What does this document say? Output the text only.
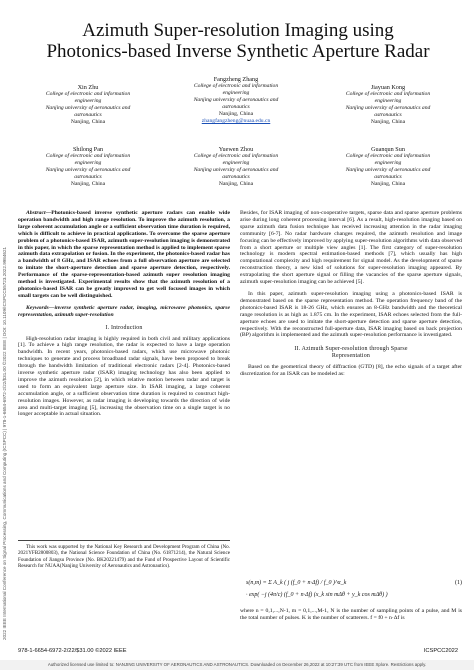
2022 IEEE International Conference on Signal Processing, Communications and Computing (ICSPCC) | 978-1-6654-6972-2/22/$31.00 ©2022 IEEE | DOI: 10.1109/ICSPCC55723.2022.9984621
Azimuth Super-resolution Imaging using
Photonics-based Inverse Synthetic Aperture Radar
Xin Zhu
College of electronic and information
engineering
Nanjing university of aeronautics and
astronautics
Nanjing, China
Fangzheng Zhang
College of electronic and information
engineering
Nanjing university of aeronautics and
astronautics
Nanjing, China
zhangfangzheng@nuaa.edu.cn
Jiayuan Kong
College of electronic and information
engineering
Nanjing university of aeronautics and
astronautics
Nanjing, China
Shilong Pan
College of electronic and information
engineering
Nanjing university of aeronautics and
astronautics
Nanjing, China
Yuewen Zhou
College of electronic and information
engineering
Nanjing university of aeronautics and
astronautics
Nanjing, China
Guanqun Sun
College of electronic and information
engineering
Nanjing university of aeronautics and
astronautics
Nanjing, China

Abstract—Photonics-based inverse synthetic aperture radars can enable wide operation bandwidth and high range resolution. To improve the azimuth resolution, a large coherent accumulation angle or a sufficient observation time duration is required, which is difficult to achieve in practical applications. To overcome the sparse aperture problem of a photonics-based ISAR, azimuth super-resolution imaging is demonstrated in this paper, in which the sparse representation method is applied to implement sparse azimuth data extrapolation or fusion. In the experiment, the photonics-based radar has a bandwidth of 8 GHz, and ISAR echoes from a full observation aperture are selected to imitate the short-aperture detection and sparse aperture detection, respectively. Performance of the sparse-representation-based azimuth super resolution imaging method is investigated. Experimental results show that the azimuth resolution of a photonics-based ISAR can be greatly improved to get well focused images in which small targets can be well distinguished.

Keywords—inverse synthetic aperture radar, imaging, microwave photonics, sparse representation, azimuth super-resolution

I. Introduction

High-resolution radar imaging is highly required in both civil and military applications [1]. To achieve a high range resolution, the radar is expected to have a large operation bandwidth. In recent years, photonics-based radars, which use microwave photonic techniques to generate and process broadband radar signals, have been proposed to break through the bandwidth limitation of traditional electronic radars [2-4]. Photonics-based inverse synthetic aperture radar (ISAR) imaging technology has also been applied to improve the azimuth resolution [2], in which relative motion between radar and target is used to form an equivalent large aperture size. In ISAR imaging, a large coherent accumulation angle, or a sufficient observation time duration is required to construct high-resolution images. However, as radar imaging is developing towards the direction of wide area and multi-target imaging [5], increasing the observation time on a single target is no longer acceptable in actual situation.

This work was supported by the National Key Research and Development Program of China (No. 2021YFB2800803), the National Science Foundation of China (No. 61871214), the Natural Science Foundation of Jiangsu Province (No. BK20221479) and the Fund of Prospective Layout of Scientific Research for NUAA(Nanjing University of Aeronautics and Astronautics).

Besides, for ISAR imaging of non-cooperative targets, sparse data and sparse aperture problems arise during long coherent processing interval [6]. As a result, high-resolution imaging based on sparse azimuth data fusion technique has received increasing attention in the radar imaging community [6-7]. No radar hardware changes required, the azimuth resolution and image focusing can be effectively improved by applying super-resolution algorithms with data observed from a short aperture or multiple view angles [1]. The first category of super-resolution technology is modern spectral estimation-based methods [7], which usually has high computational complexity and high requirement for signal model. As the development of sparse reconstruction theory, a new kind of solutions for super-resolution imaging appeared. By extrapolating the short aperture signal or filling the vacancies of the sparse aperture signals, azimuth super-resolution imaging can be achieved [5].

In this paper, azimuth super-resolution imaging using a photonics-based ISAR is demonstrated based on the sparse representation method. The operation frequency band of the photonics-based ISAR is 18-26 GHz, which ensures an 8-GHz bandwidth and the theoretical range resolution is as high as 1.875 cm. In the experiment, ISAR echoes selected from the full-aperture echoes are used to imitate the short-aperture detection and sparse aperture detection, respectively. With the reconstructed full-aperture data, ISAR imaging based on back projection (BP) algorithm is implemented and the azimuth super-resolution performance is investigated.

II. Azimuth Super-resolution through Sparse
Representation

Based on the geometrical theory of diffraction (GTD) [8], the echo signals of a target after discretization for an ISAR can be modeled as:

s(n,m) = Σ A_k ( j (f_0 + n·Δf) / f_0 )^α_k
· exp( −j (4π/c) (f_0 + n·Δf) (x_k sin mΔθ + y_k cos mΔθ) )
(1)

where n = 0,1,...,N-1, m = 0,1,...,M-1, N is the number of sampling points of a pulse, and M is the total number of pulses. K is the number of scatterers. f = f0 + n·Δf is

978-1-6654-6972-2/22/$31.00 ©2022 IEEE	ICSPCC2022
Authorized licensed use limited to: NANJING UNIVERSITY OF AERONAUTICS AND ASTRONAUTICS. Downloaded on December 26,2022 at 10:27:39 UTC from IEEE Xplore. Restrictions apply.
